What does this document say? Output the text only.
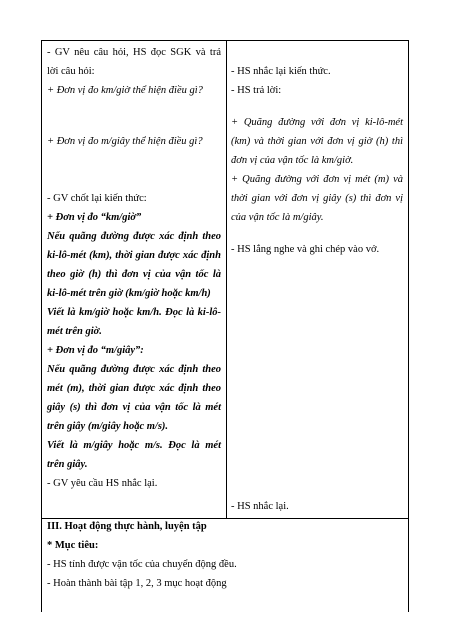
- GV nêu câu hỏi, HS đọc SGK và trả
lời câu hỏi:
+ Đơn vị đo km/giờ thể hiện điều gì?
+ Đơn vị đo m/giây thể hiện điều gì?
- GV chốt lại kiến thức:
+ Đơn vị đo “km/giờ”
Nếu quãng đường được xác định theo
ki-lô-mét (km), thời gian được xác định
theo giờ (h) thì đơn vị của vận tốc là
ki-lô-mét trên giờ (km/giờ hoặc km/h)
Viết là km/giờ hoặc km/h. Đọc là ki-lô-
mét trên giờ.
+ Đơn vị đo “m/giây”:
Nếu quãng đường được xác định theo
mét (m), thời gian được xác định theo
giây (s) thì đơn vị của vận tốc là mét
trên giây (m/giây hoặc m/s).
Viết là m/giây hoặc m/s. Đọc là mét
trên giây.
- GV yêu cầu HS nhắc lại.
- HS nhắc lại kiến thức.
- HS trả lời:
+ Quãng đường với đơn vị ki-lô-mét
(km) và thời gian với đơn vị giờ (h) thì
đơn vị của vận tốc là km/giờ.
+ Quãng đường với đơn vị mét (m) và
thời gian với đơn vị giây (s) thì đơn vị
của vận tốc là m/giây.
- HS lắng nghe và ghi chép vào vở.
- HS nhắc lại.
III. Hoạt động thực hành, luyện tập
* Mục tiêu:
- HS tính được vận tốc của chuyển động đều.
- Hoàn thành bài tập 1, 2, 3 mục hoạt động
